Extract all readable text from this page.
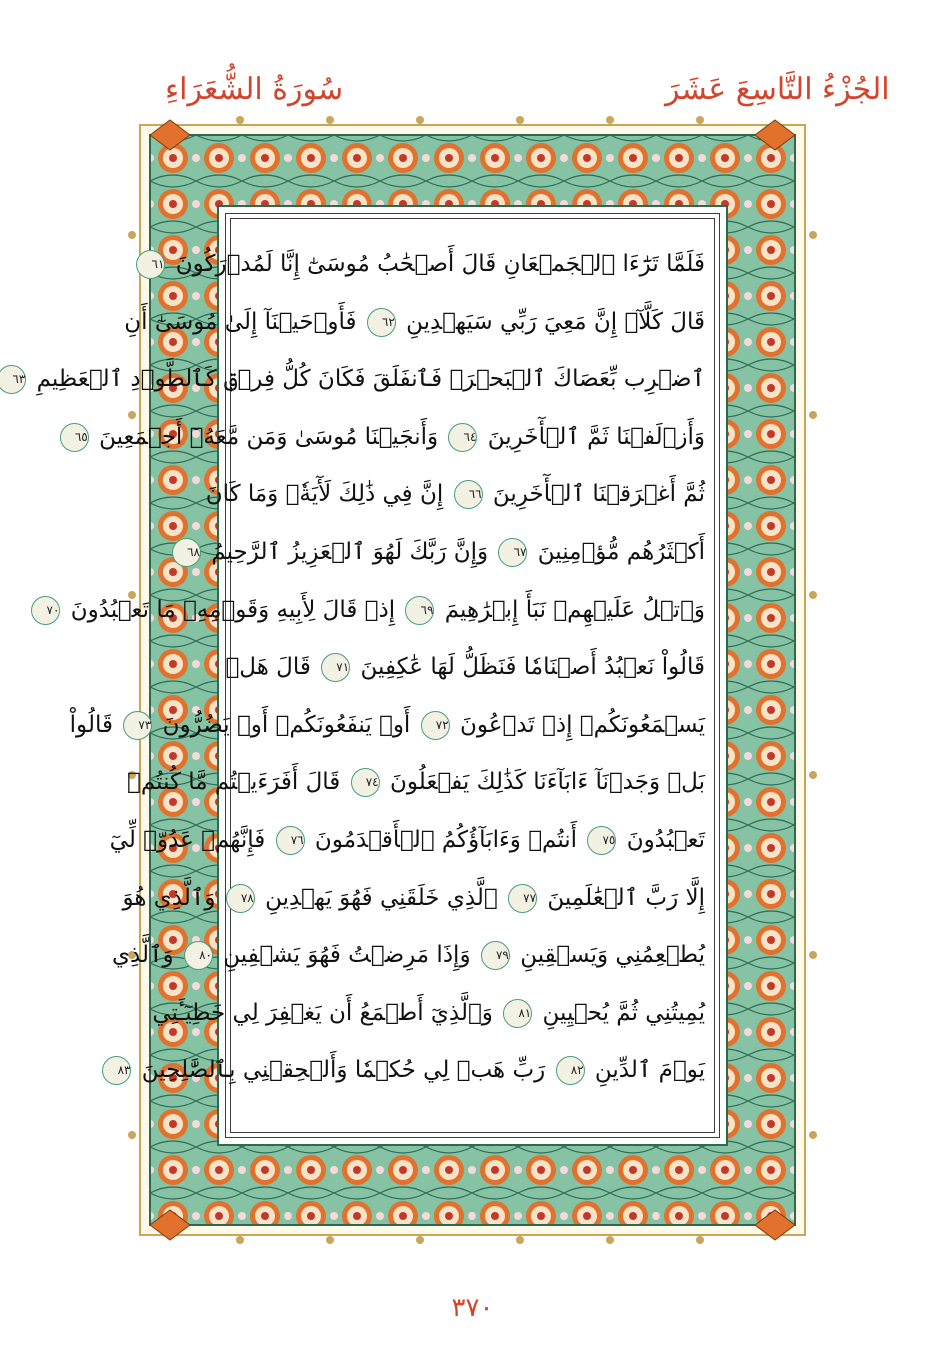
الجُزْءُ التَّاسِعَ عَشَرَ
سُورَةُ الشُّعَرَاءِ
فَلَمَّا تَرَٰٓءَا ٱلۡجَمۡعَانِ قَالَ أَصۡحَٰبُ مُوسَىٰٓ إِنَّا لَمُدۡرَكُونَ ٦١
قَالَ كَلَّآۖ إِنَّ مَعِيَ رَبِّي سَيَهۡدِينِ ٦٢ فَأَوۡحَيۡنَآ إِلَىٰ مُوسَىٰٓ أَنِ
ٱضۡرِب بِّعَصَاكَ ٱلۡبَحۡرَۖ فَٱنفَلَقَ فَكَانَ كُلُّ فِرۡقٖ كَٱلطَّوۡدِ ٱلۡعَظِيمِ ٦٣
وَأَزۡلَفۡنَا ثَمَّ ٱلۡأٓخَرِينَ ٦٤ وَأَنجَيۡنَا مُوسَىٰ وَمَن مَّعَهُۥٓ أَجۡمَعِينَ ٦٥
ثُمَّ أَغۡرَقۡنَا ٱلۡأٓخَرِينَ ٦٦ إِنَّ فِي ذَٰلِكَ لَأٓيَةٗۖ وَمَا كَانَ
أَكۡثَرُهُم مُّؤۡمِنِينَ ٦٧ وَإِنَّ رَبَّكَ لَهُوَ ٱلۡعَزِيزُ ٱلرَّحِيمُ ٦٨
وَٱتۡلُ عَلَيۡهِمۡ نَبَأَ إِبۡرَٰهِيمَ ٦٩ إِذۡ قَالَ لِأَبِيهِ وَقَوۡمِهِۦ مَا تَعۡبُدُونَ ٧٠
قَالُواْ نَعۡبُدُ أَصۡنَامٗا فَنَظَلُّ لَهَا عَٰكِفِينَ ٧١ قَالَ هَلۡ
يَسۡمَعُونَكُمۡ إِذۡ تَدۡعُونَ ٧٢ أَوۡ يَنفَعُونَكُمۡ أَوۡ يَضُرُّونَ ٧٣ قَالُواْ
بَلۡ وَجَدۡنَآ ءَابَآءَنَا كَذَٰلِكَ يَفۡعَلُونَ ٧٤ قَالَ أَفَرَءَيۡتُم مَّا كُنتُمۡ
تَعۡبُدُونَ ٧٥ أَنتُمۡ وَءَابَآؤُكُمُ ٱلۡأَقۡدَمُونَ ٧٦ فَإِنَّهُمۡ عَدُوّٞ لِّيٓ
إِلَّا رَبَّ ٱلۡعَٰلَمِينَ ٧٧ ٱلَّذِي خَلَقَنِي فَهُوَ يَهۡدِينِ ٧٨ وَٱلَّذِي هُوَ
يُطۡعِمُنِي وَيَسۡقِينِ ٧٩ وَإِذَا مَرِضۡتُ فَهُوَ يَشۡفِينِ ٨٠ وَٱلَّذِي
يُمِيتُنِي ثُمَّ يُحۡيِينِ ٨١ وَٱلَّذِيٓ أَطۡمَعُ أَن يَغۡفِرَ لِي خَطِيٓـَٔتِي
يَوۡمَ ٱلدِّينِ ٨٢ رَبِّ هَبۡ لِي حُكۡمٗا وَأَلۡحِقۡنِي بِٱلصَّٰلِحِينَ ٨٣
٣٧٠
